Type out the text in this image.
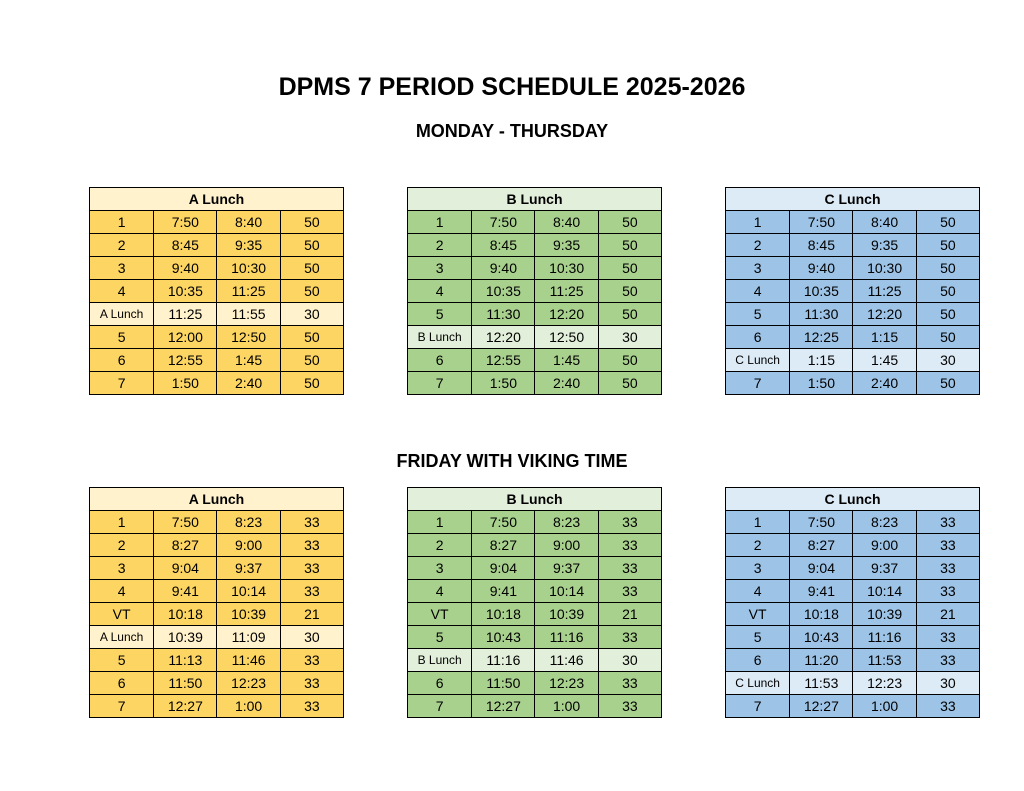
DPMS 7 PERIOD SCHEDULE 2025-2026
MONDAY - THURSDAY
FRIDAY WITH VIKING TIME
A Lunch			
1	7:50	8:40	50
2	8:45	9:35	50
3	9:40	10:30	50
4	10:35	11:25	50
A Lunch	11:25	11:55	30
5	12:00	12:50	50
6	12:55	1:45	50
7	1:50	2:40	50
B Lunch			
1	7:50	8:40	50
2	8:45	9:35	50
3	9:40	10:30	50
4	10:35	11:25	50
5	11:30	12:20	50
B Lunch	12:20	12:50	30
6	12:55	1:45	50
7	1:50	2:40	50
C Lunch			
1	7:50	8:40	50
2	8:45	9:35	50
3	9:40	10:30	50
4	10:35	11:25	50
5	11:30	12:20	50
6	12:25	1:15	50
C Lunch	1:15	1:45	30
7	1:50	2:40	50
A Lunch			
1	7:50	8:23	33
2	8:27	9:00	33
3	9:04	9:37	33
4	9:41	10:14	33
VT	10:18	10:39	21
A Lunch	10:39	11:09	30
5	11:13	11:46	33
6	11:50	12:23	33
7	12:27	1:00	33
B Lunch			
1	7:50	8:23	33
2	8:27	9:00	33
3	9:04	9:37	33
4	9:41	10:14	33
VT	10:18	10:39	21
5	10:43	11:16	33
B Lunch	11:16	11:46	30
6	11:50	12:23	33
7	12:27	1:00	33
C Lunch			
1	7:50	8:23	33
2	8:27	9:00	33
3	9:04	9:37	33
4	9:41	10:14	33
VT	10:18	10:39	21
5	10:43	11:16	33
6	11:20	11:53	33
C Lunch	11:53	12:23	30
7	12:27	1:00	33
